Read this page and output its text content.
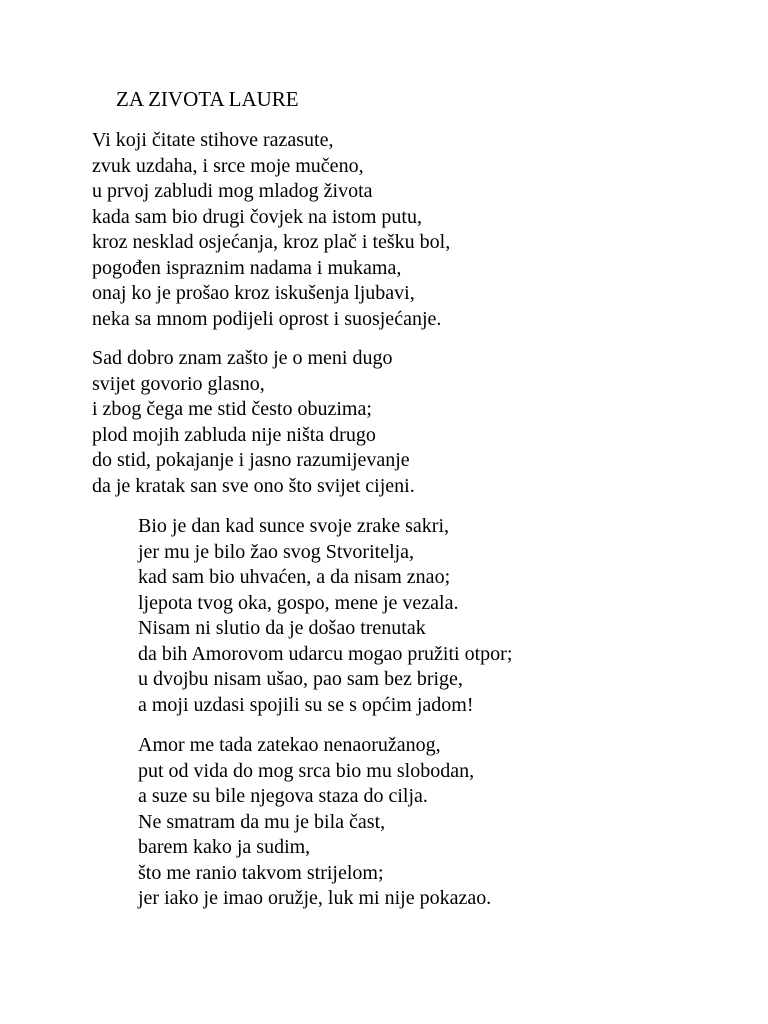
ZA ZIVOTA LAURE
Vi koji čitate stihove razasute,
zvuk uzdaha, i srce moje mučeno,
u prvoj zabludi mog mladog života
kada sam bio drugi čovjek na istom putu,
kroz nesklad osjećanja, kroz plač i tešku bol,
pogođen ispraznim nadama i mukama,
onaj ko je prošao kroz iskušenja ljubavi,
neka sa mnom podijeli oprost i suosjećanje.
Sad dobro znam zašto je o meni dugo
svijet govorio glasno,
i zbog čega me stid često obuzima;
plod mojih zabluda nije ništa drugo
do stid, pokajanje i jasno razumijevanje
da je kratak san sve ono što svijet cijeni.
Bio je dan kad sunce svoje zrake sakri,
jer mu je bilo žao svog Stvoritelja,
kad sam bio uhvaćen, a da nisam znao;
ljepota tvog oka, gospo, mene je vezala.
Nisam ni slutio da je došao trenutak
da bih Amorovom udarcu mogao pružiti otpor;
u dvojbu nisam ušao, pao sam bez brige,
a moji uzdasi spojili su se s općim jadom!
Amor me tada zatekao nenaoružanog,
put od vida do mog srca bio mu slobodan,
a suze su bile njegova staza do cilja.
Ne smatram da mu je bila čast,
barem kako ja sudim,
što me ranio takvom strijelom;
jer iako je imao oružje, luk mi nije pokazao.
